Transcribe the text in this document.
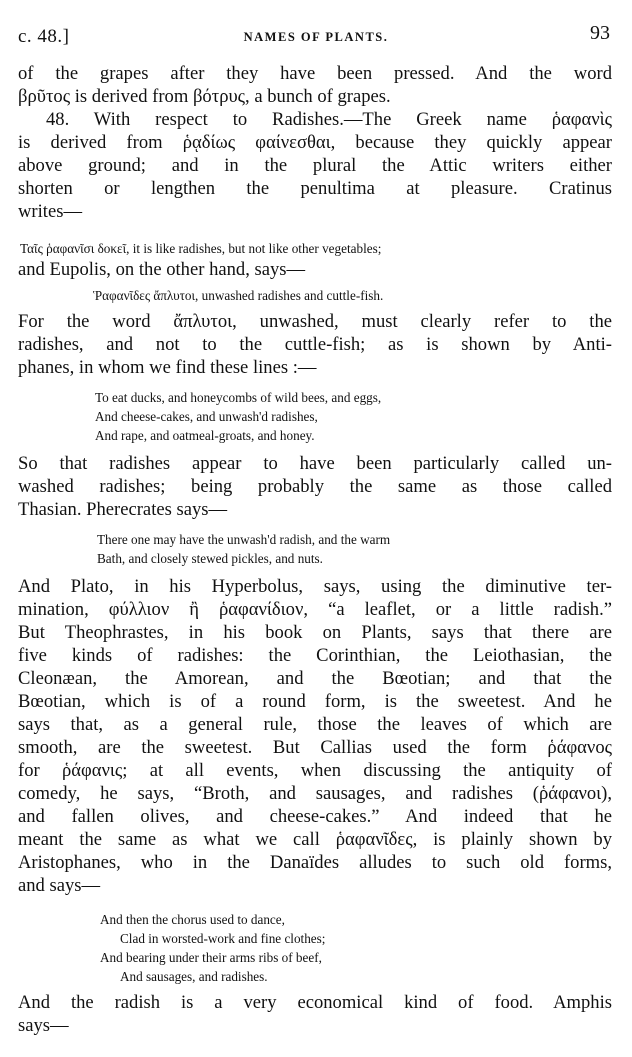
c. 48.]	NAMES OF PLANTS.	93

of the grapes after they have been pressed. And the word
βρῦτος is derived from βότρυς, a bunch of grapes.

48. With respect to Radishes.—The Greek name ῥαφανὶς
is derived from ῥᾳδίως φαίνεσθαι, because they quickly appear
above ground; and in the plural the Attic writers either
shorten or lengthen the penultima at pleasure. Cratinus
writes—

Ταῖς ῥαφανῖσι δοκεῖ, it is like radishes, but not like other vegetables;

and Eupolis, on the other hand, says—

Ῥαφανῖδες ἄπλυτοι, unwashed radishes and cuttle-fish.

For the word ἄπλυτοι, unwashed, must clearly refer to the
radishes, and not to the cuttle-fish; as is shown by Anti-
phanes, in whom we find these lines :—

To eat ducks, and honeycombs of wild bees, and eggs,
And cheese-cakes, and unwash'd radishes,
And rape, and oatmeal-groats, and honey.

So that radishes appear to have been particularly called un-
washed radishes; being probably the same as those called
Thasian. Pherecrates says—

There one may have the unwash'd radish, and the warm
Bath, and closely stewed pickles, and nuts.

And Plato, in his Hyperbolus, says, using the diminutive ter-
mination, φύλλιον ἢ ῥαφανίδιον, “a leaflet, or a little radish.”
But Theophrastes, in his book on Plants, says that there are
five kinds of radishes: the Corinthian, the Leiothasian, the
Cleonæan, the Amorean, and the Bœotian; and that the
Bœotian, which is of a round form, is the sweetest. And he
says that, as a general rule, those the leaves of which are
smooth, are the sweetest. But Callias used the form ῥάφανος
for ῥάφανις; at all events, when discussing the antiquity of
comedy, he says, “Broth, and sausages, and radishes (ῥάφανοι),
and fallen olives, and cheese-cakes.” And indeed that he
meant the same as what we call ῥαφανῖδες, is plainly shown by
Aristophanes, who in the Danaïdes alludes to such old forms,
and says—

And then the chorus used to dance,
Clad in worsted-work and fine clothes;
And bearing under their arms ribs of beef,
And sausages, and radishes.

And the radish is a very economical kind of food. Amphis
says—
